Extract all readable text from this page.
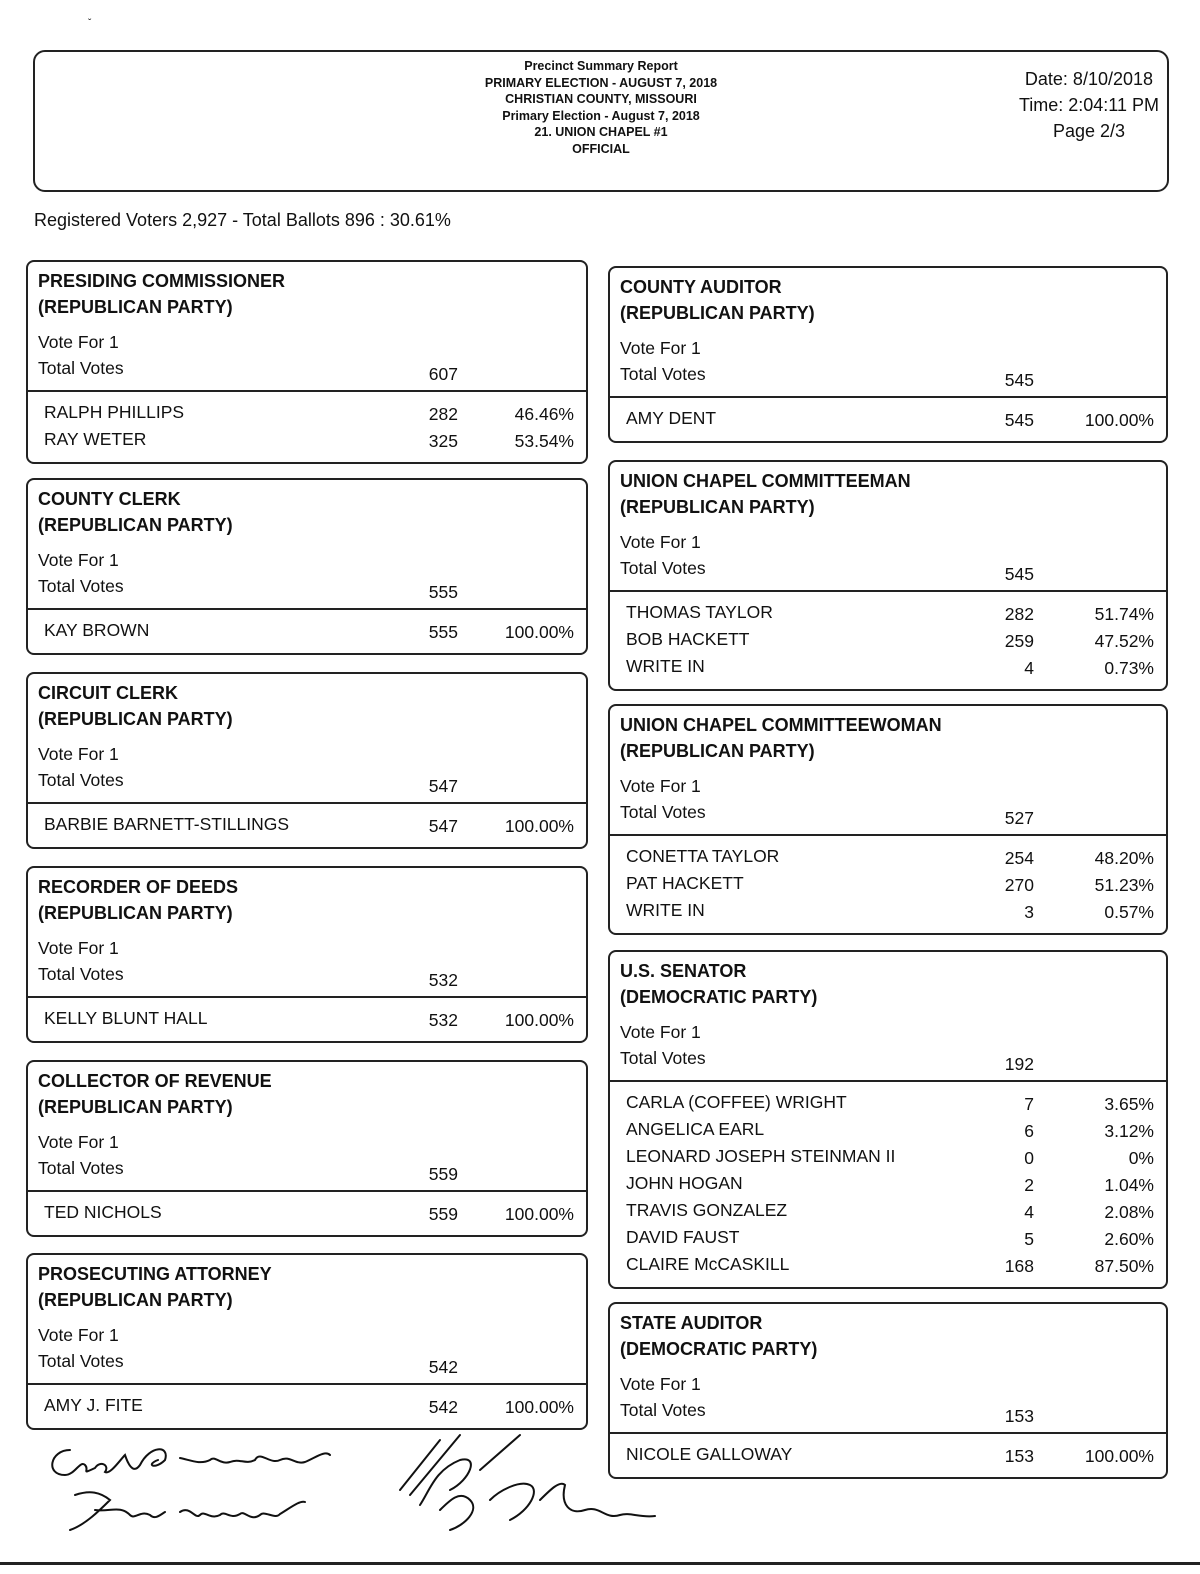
ˇ
Precinct Summary Report
PRIMARY ELECTION - AUGUST 7, 2018
CHRISTIAN COUNTY, MISSOURI
Primary Election - August 7, 2018
21. UNION CHAPEL #1
OFFICIAL
Date: 8/10/2018
Time: 2:04:11 PM
Page 2/3
Registered Voters 2,927 - Total Ballots 896 : 30.61%
PRESIDING COMMISSIONER
(REPUBLICAN PARTY)
Vote For 1
Total Votes	607
RALPH PHILLIPS	282	46.46%
RAY WETER	325	53.54%
COUNTY CLERK
(REPUBLICAN PARTY)
Vote For 1
Total Votes	555
KAY BROWN	555	100.00%
CIRCUIT CLERK
(REPUBLICAN PARTY)
Vote For 1
Total Votes	547
BARBIE BARNETT-STILLINGS	547	100.00%
RECORDER OF DEEDS
(REPUBLICAN PARTY)
Vote For 1
Total Votes	532
KELLY BLUNT HALL	532	100.00%
COLLECTOR OF REVENUE
(REPUBLICAN PARTY)
Vote For 1
Total Votes	559
TED NICHOLS	559	100.00%
PROSECUTING ATTORNEY
(REPUBLICAN PARTY)
Vote For 1
Total Votes	542
AMY J. FITE	542	100.00%
COUNTY AUDITOR
(REPUBLICAN PARTY)
Vote For 1
Total Votes	545
AMY DENT	545	100.00%
UNION CHAPEL COMMITTEEMAN
(REPUBLICAN PARTY)
Vote For 1
Total Votes	545
THOMAS TAYLOR	282	51.74%
BOB HACKETT	259	47.52%
WRITE IN	4	0.73%
UNION CHAPEL COMMITTEEWOMAN
(REPUBLICAN PARTY)
Vote For 1
Total Votes	527
CONETTA TAYLOR	254	48.20%
PAT HACKETT	270	51.23%
WRITE IN	3	0.57%
U.S. SENATOR
(DEMOCRATIC PARTY)
Vote For 1
Total Votes	192
CARLA (COFFEE) WRIGHT	7	3.65%
ANGELICA EARL	6	3.12%
LEONARD JOSEPH STEINMAN II	0	0%
JOHN HOGAN	2	1.04%
TRAVIS GONZALEZ	4	2.08%
DAVID FAUST	5	2.60%
CLAIRE McCASKILL	168	87.50%
STATE AUDITOR
(DEMOCRATIC PARTY)
Vote For 1
Total Votes	153
NICOLE GALLOWAY	153	100.00%
